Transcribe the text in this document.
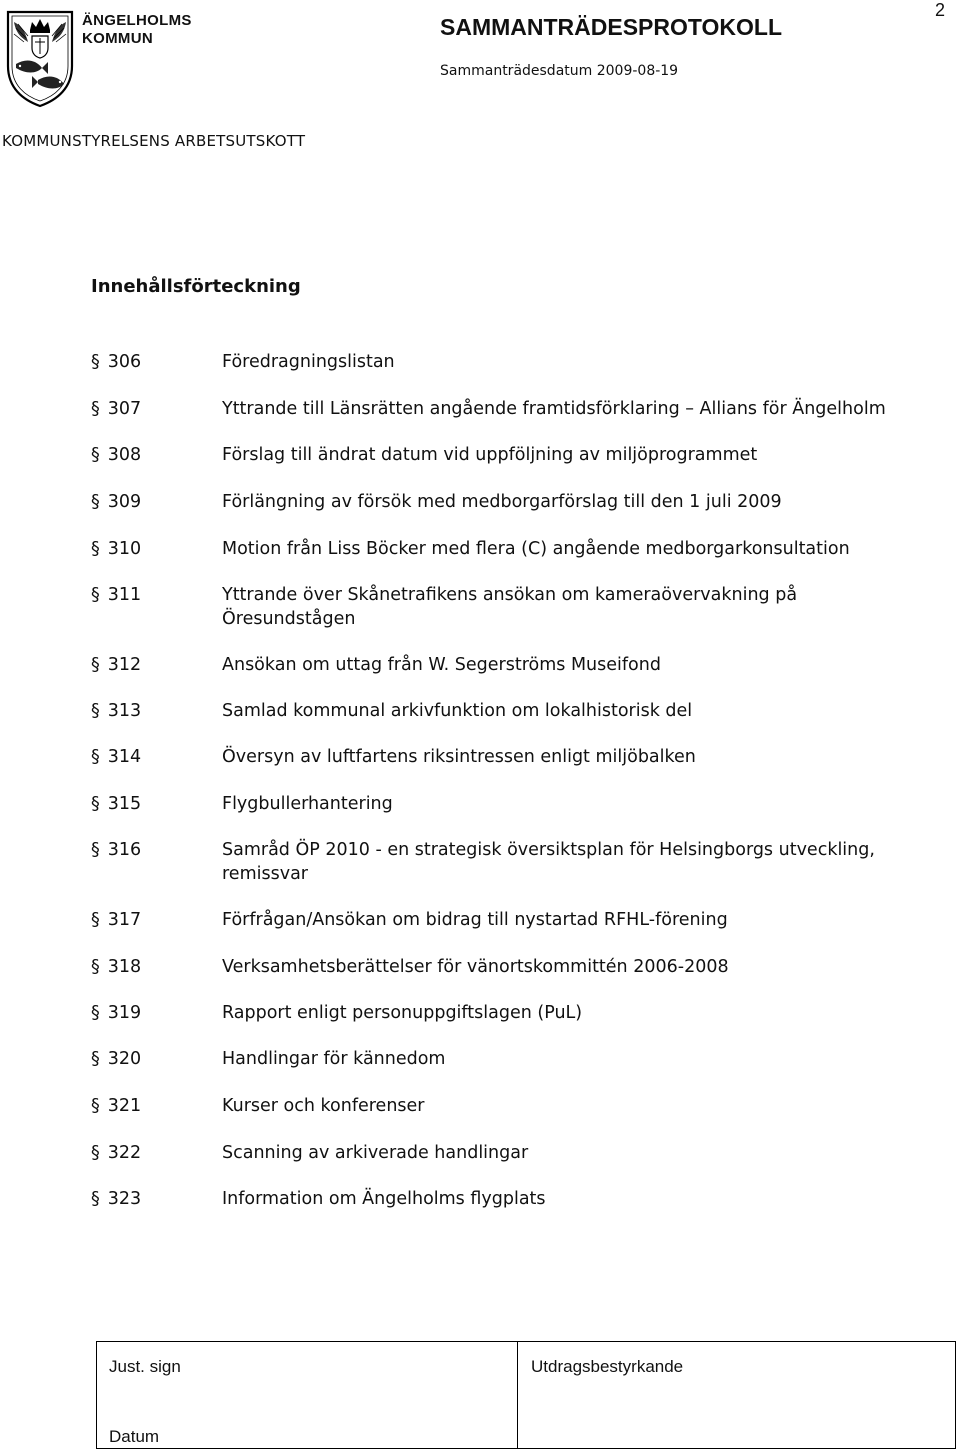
ÄNGELHOLMS
KOMMUN	SAMMANTRÄDESPROTOKOLL
Sammanträdesdatum 2009-08-19
2
KOMMUNSTYRELSENS ARBETSUTSKOTT
Innehållsförteckning
§ 306	Föredragningslistan
§ 307	Yttrande till Länsrätten angående framtidsförklaring – Allians för Ängelholm
§ 308	Förslag till ändrat datum vid uppföljning av miljöprogrammet
§ 309	Förlängning av försök med medborgarförslag till den 1 juli 2009
§ 310	Motion från Liss Böcker med flera (C) angående medborgarkonsultation
§ 311	Yttrande över Skånetrafikens ansökan om kameraövervakning på Öresundstågen
§ 312	Ansökan om uttag från W. Segerströms Museifond
§ 313	Samlad kommunal arkivfunktion om lokalhistorisk del
§ 314	Översyn av luftfartens riksintressen enligt miljöbalken
§ 315	Flygbullerhantering
§ 316	Samråd ÖP 2010 - en strategisk översiktsplan för Helsingborgs utveckling, remissvar
§ 317	Förfrågan/Ansökan om bidrag till nystartad RFHL-förening
§ 318	Verksamhetsberättelser för vänortskommittén 2006-2008
§ 319	Rapport enligt personuppgiftslagen (PuL)
§ 320	Handlingar för kännedom
§ 321	Kurser och konferenser
§ 322	Scanning av arkiverade handlingar
§ 323	Information om Ängelholms flygplats
Just. sign	Utdragsbestyrkande
Datum
